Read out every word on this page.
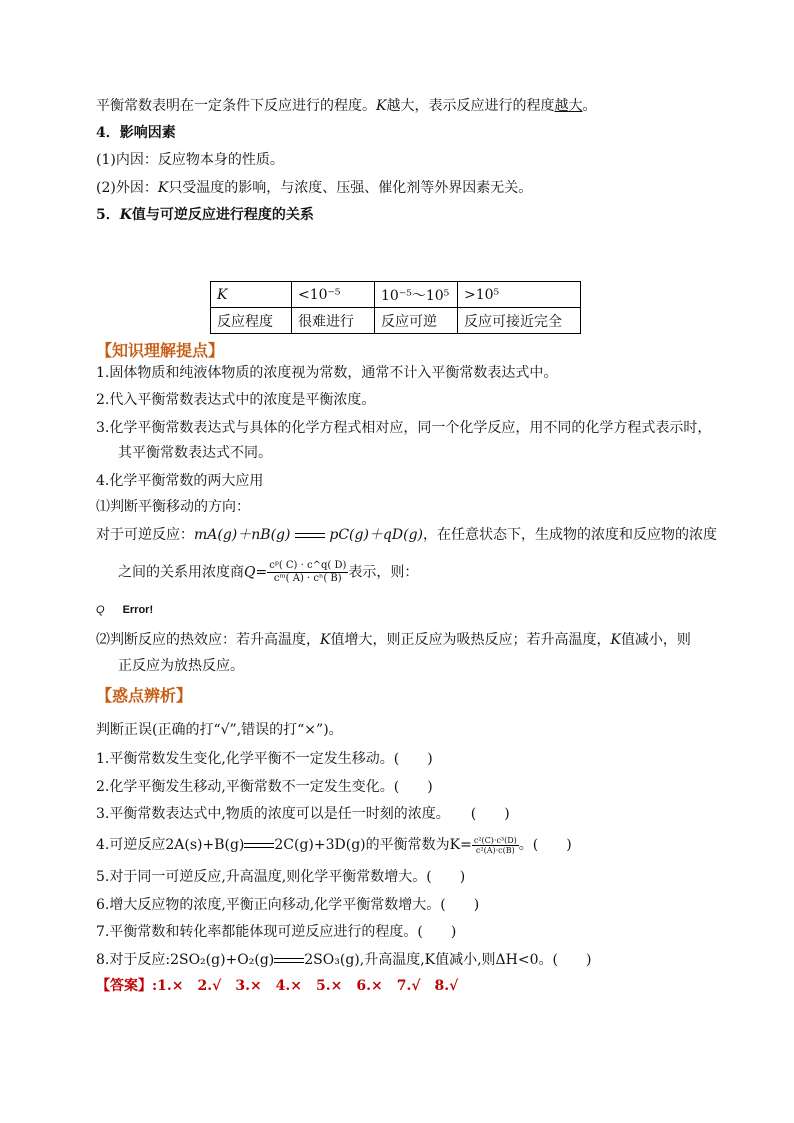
平衡常数表明在一定条件下反应进行的程度。K越大，表示反应进行的程度越大。
4．影响因素
(1)内因：反应物本身的性质。
(2)外因：K只受温度的影响，与浓度、压强、催化剂等外界因素无关。
5．K值与可逆反应进行程度的关系
K	<10⁻⁵	10⁻⁵～10⁵	>10⁵
反应程度	很难进行	反应可逆	反应可接近完全
【知识理解提点】
1.固体物质和纯液体物质的浓度视为常数，通常不计入平衡常数表达式中。
2.代入平衡常数表达式中的浓度是平衡浓度。
3.化学平衡常数表达式与具体的化学方程式相对应，同一个化学反应，用不同的化学方程式表示时，
其平衡常数表达式不同。
4.化学平衡常数的两大应用
⑴判断平衡移动的方向：
对于可逆反应：mA(g)＋nB(g)	pC(g)＋qD(g)，在任意状态下，生成物的浓度和反应物的浓度
之间的关系用浓度商$Q= \frac{\text{cᵖ( C) · c\textasciicircum{}q( D)}}{\text{cᵐ( A) · cⁿ( B)}}$ 表示，则：
Q Error!
⑵判断反应的热效应：若升高温度，K值增大，则正反应为吸热反应；若升高温度，K值减小，则
正反应为放热反应。
【惑点辨析】
判断正误(正确的打“√”,错误的打“×”)。
1.平衡常数发生变化,化学平衡不一定发生移动。(　　)
2.化学平衡发生移动,平衡常数不一定发生变化。(　　)
3.平衡常数表达式中,物质的浓度可以是任一时刻的浓度。　　(　　)
4.可逆反应2A(s)+B(g) 2C(g)+3D(g)的平衡常数为$K= \frac{\text{c²(C)·c³(D)}}{\text{c²(A)·c(B)}}$ 。(　　)
5.对于同一可逆反应,升高温度,则化学平衡常数增大。(　　)
6.增大反应物的浓度,平衡正向移动,化学平衡常数增大。(　　)
7.平衡常数和转化率都能体现可逆反应进行的程度。(　　)
8.对于反应:2SO₂(g)+O₂(g) 2SO₃(g),升高温度,K值减小,则ΔH<0。(　　)
【答案】:1.×　2.√　3.×　4.×　5.×　6.×　7.√　8.√
